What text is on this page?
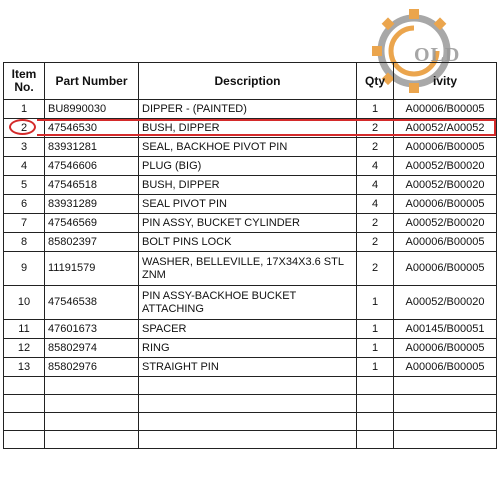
OLD
Item No.	Part Number	Description	Qty	ivity
1	BU8990030	DIPPER - (PAINTED)	1	A00006/B00005
2	47546530	BUSH, DIPPER	2	A00052/A00052
3	83931281	SEAL, BACKHOE PIVOT PIN	2	A00006/B00005
4	47546606	PLUG (BIG)	4	A00052/B00020
5	47546518	BUSH, DIPPER	4	A00052/B00020
6	83931289	SEAL PIVOT PIN	4	A00006/B00005
7	47546569	PIN ASSY, BUCKET CYLINDER	2	A00052/B00020
8	85802397	BOLT PINS LOCK	2	A00006/B00005
9	11191579	WASHER, BELLEVILLE, 17X34X3.6 STL ZNM	2	A00006/B00005
10	47546538	PIN ASSY-BACKHOE BUCKET ATTACHING	1	A00052/B00020
11	47601673	SPACER	1	A00145/B00051
12	85802974	RING	1	A00006/B00005
13	85802976	STRAIGHT PIN	1	A00006/B00005
